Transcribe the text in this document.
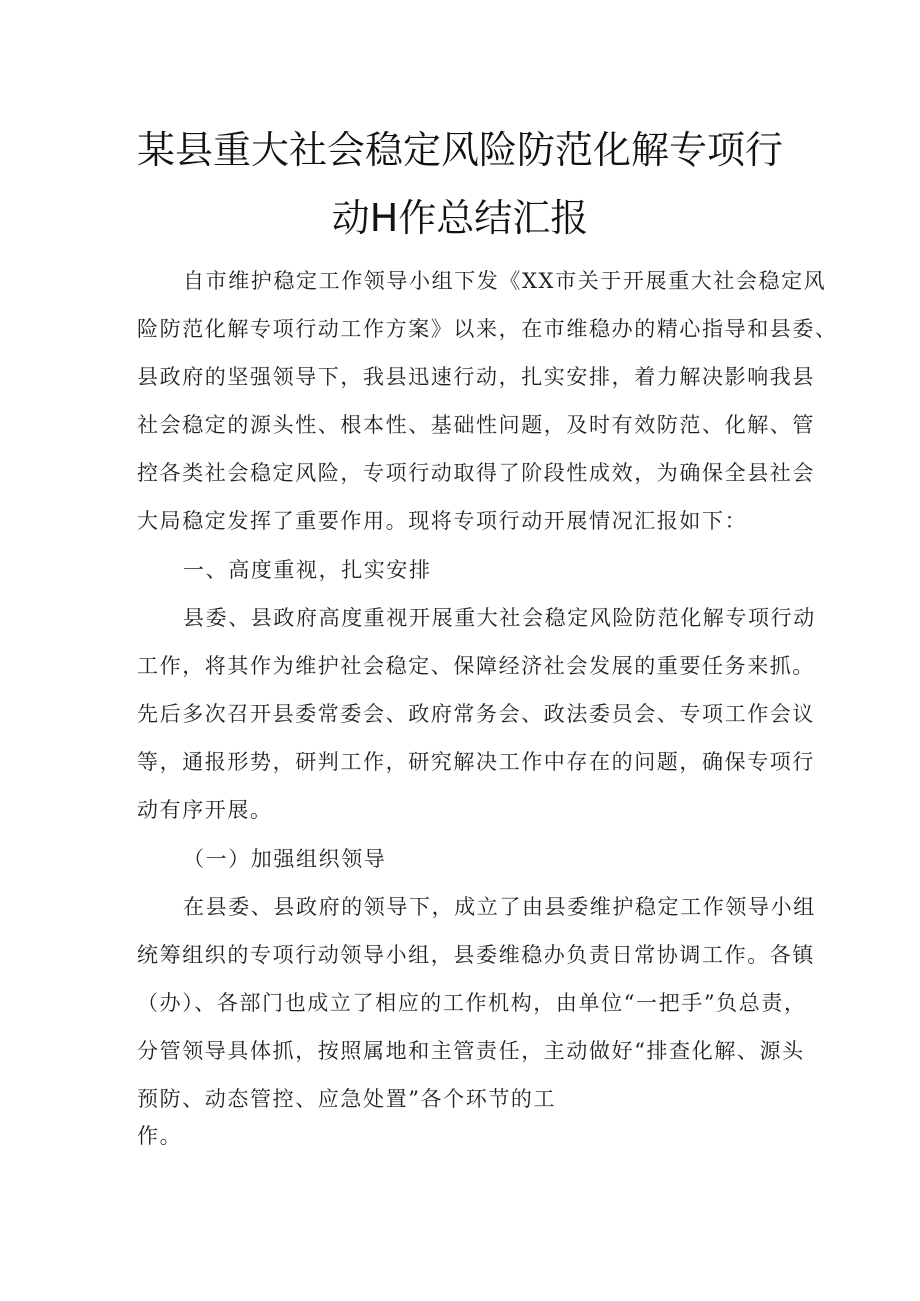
某县重大社会稳定风险防范化解专项行
动H作总结汇报
自市维护稳定工作领导小组下发《XX市关于开展重大社会稳定风
险防范化解专项行动工作方案》以来，在市维稳办的精心指导和县委、
县政府的坚强领导下，我县迅速行动，扎实安排，着力解决影响我县
社会稳定的源头性、根本性、基础性问题，及时有效防范、化解、管
控各类社会稳定风险，专项行动取得了阶段性成效，为确保全县社会
大局稳定发挥了重要作用。现将专项行动开展情况汇报如下：
一、高度重视，扎实安排
县委、县政府高度重视开展重大社会稳定风险防范化解专项行动
工作，将其作为维护社会稳定、保障经济社会发展的重要任务来抓。
先后多次召开县委常委会、政府常务会、政法委员会、专项工作会议
等，通报形势，研判工作，研究解决工作中存在的问题，确保专项行
动有序开展。
（一）加强组织领导
在县委、县政府的领导下，成立了由县委维护稳定工作领导小组
统筹组织的专项行动领导小组，县委维稳办负责日常协调工作。各镇
（办）、各部门也成立了相应的工作机构，由单位“一把手”负总责，
分管领导具体抓，按照属地和主管责任，主动做好“排查化解、源头
预防、动态管控、应急处置”各个环节的工
作。
